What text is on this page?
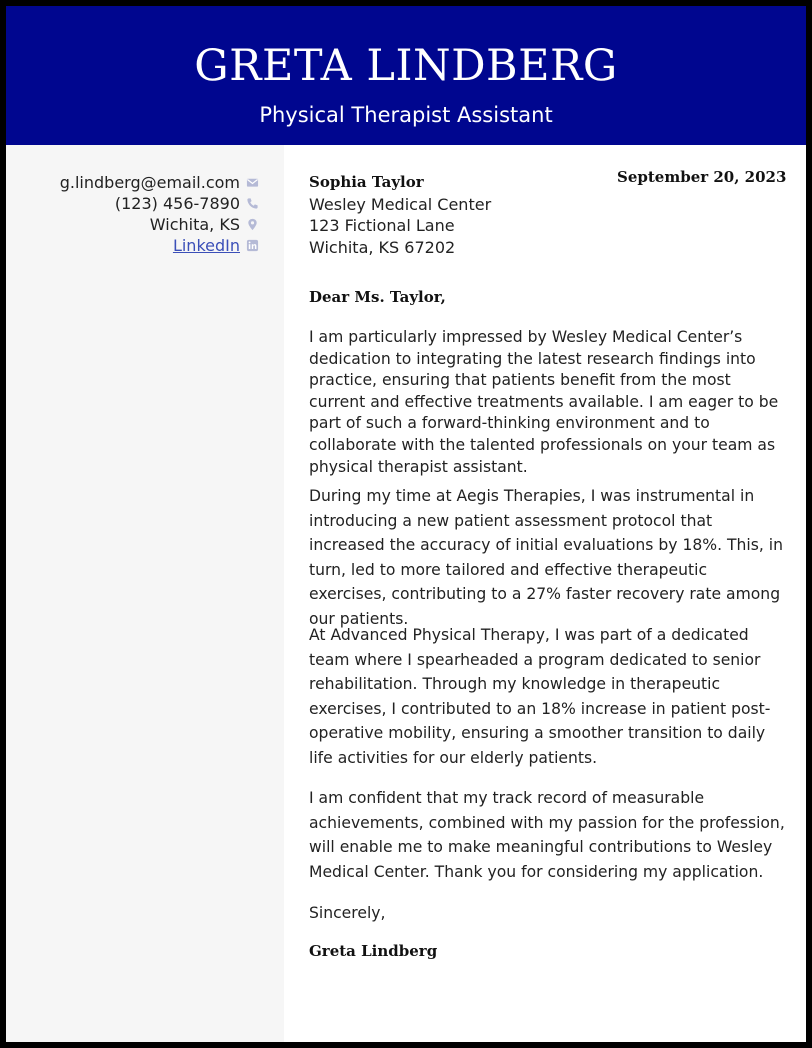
GRETA LINDBERG
Physical Therapist Assistant
g.lindberg@email.com
(123) 456-7890
Wichita, KS
LinkedIn
Sophia Taylor
Wesley Medical Center
123 Fictional Lane
Wichita, KS 67202
September 20, 2023
Dear Ms. Taylor,
I am particularly impressed by Wesley Medical Center’s dedication to integrating the latest research findings into practice, ensuring that patients benefit from the most current and effective treatments available. I am eager to be part of such a forward-thinking environment and to collaborate with the talented professionals on your team as physical therapist assistant.
During my time at Aegis Therapies, I was instrumental in introducing a new patient assessment protocol that increased the accuracy of initial evaluations by 18%. This, in turn, led to more tailored and effective therapeutic exercises, contributing to a 27% faster recovery rate among our patients.
At Advanced Physical Therapy, I was part of a dedicated team where I spearheaded a program dedicated to senior rehabilitation. Through my knowledge in therapeutic exercises, I contributed to an 18% increase in patient post-operative mobility, ensuring a smoother transition to daily life activities for our elderly patients.
I am confident that my track record of measurable achievements, combined with my passion for the profession, will enable me to make meaningful contributions to Wesley Medical Center. Thank you for considering my application.
Sincerely,
Greta Lindberg
